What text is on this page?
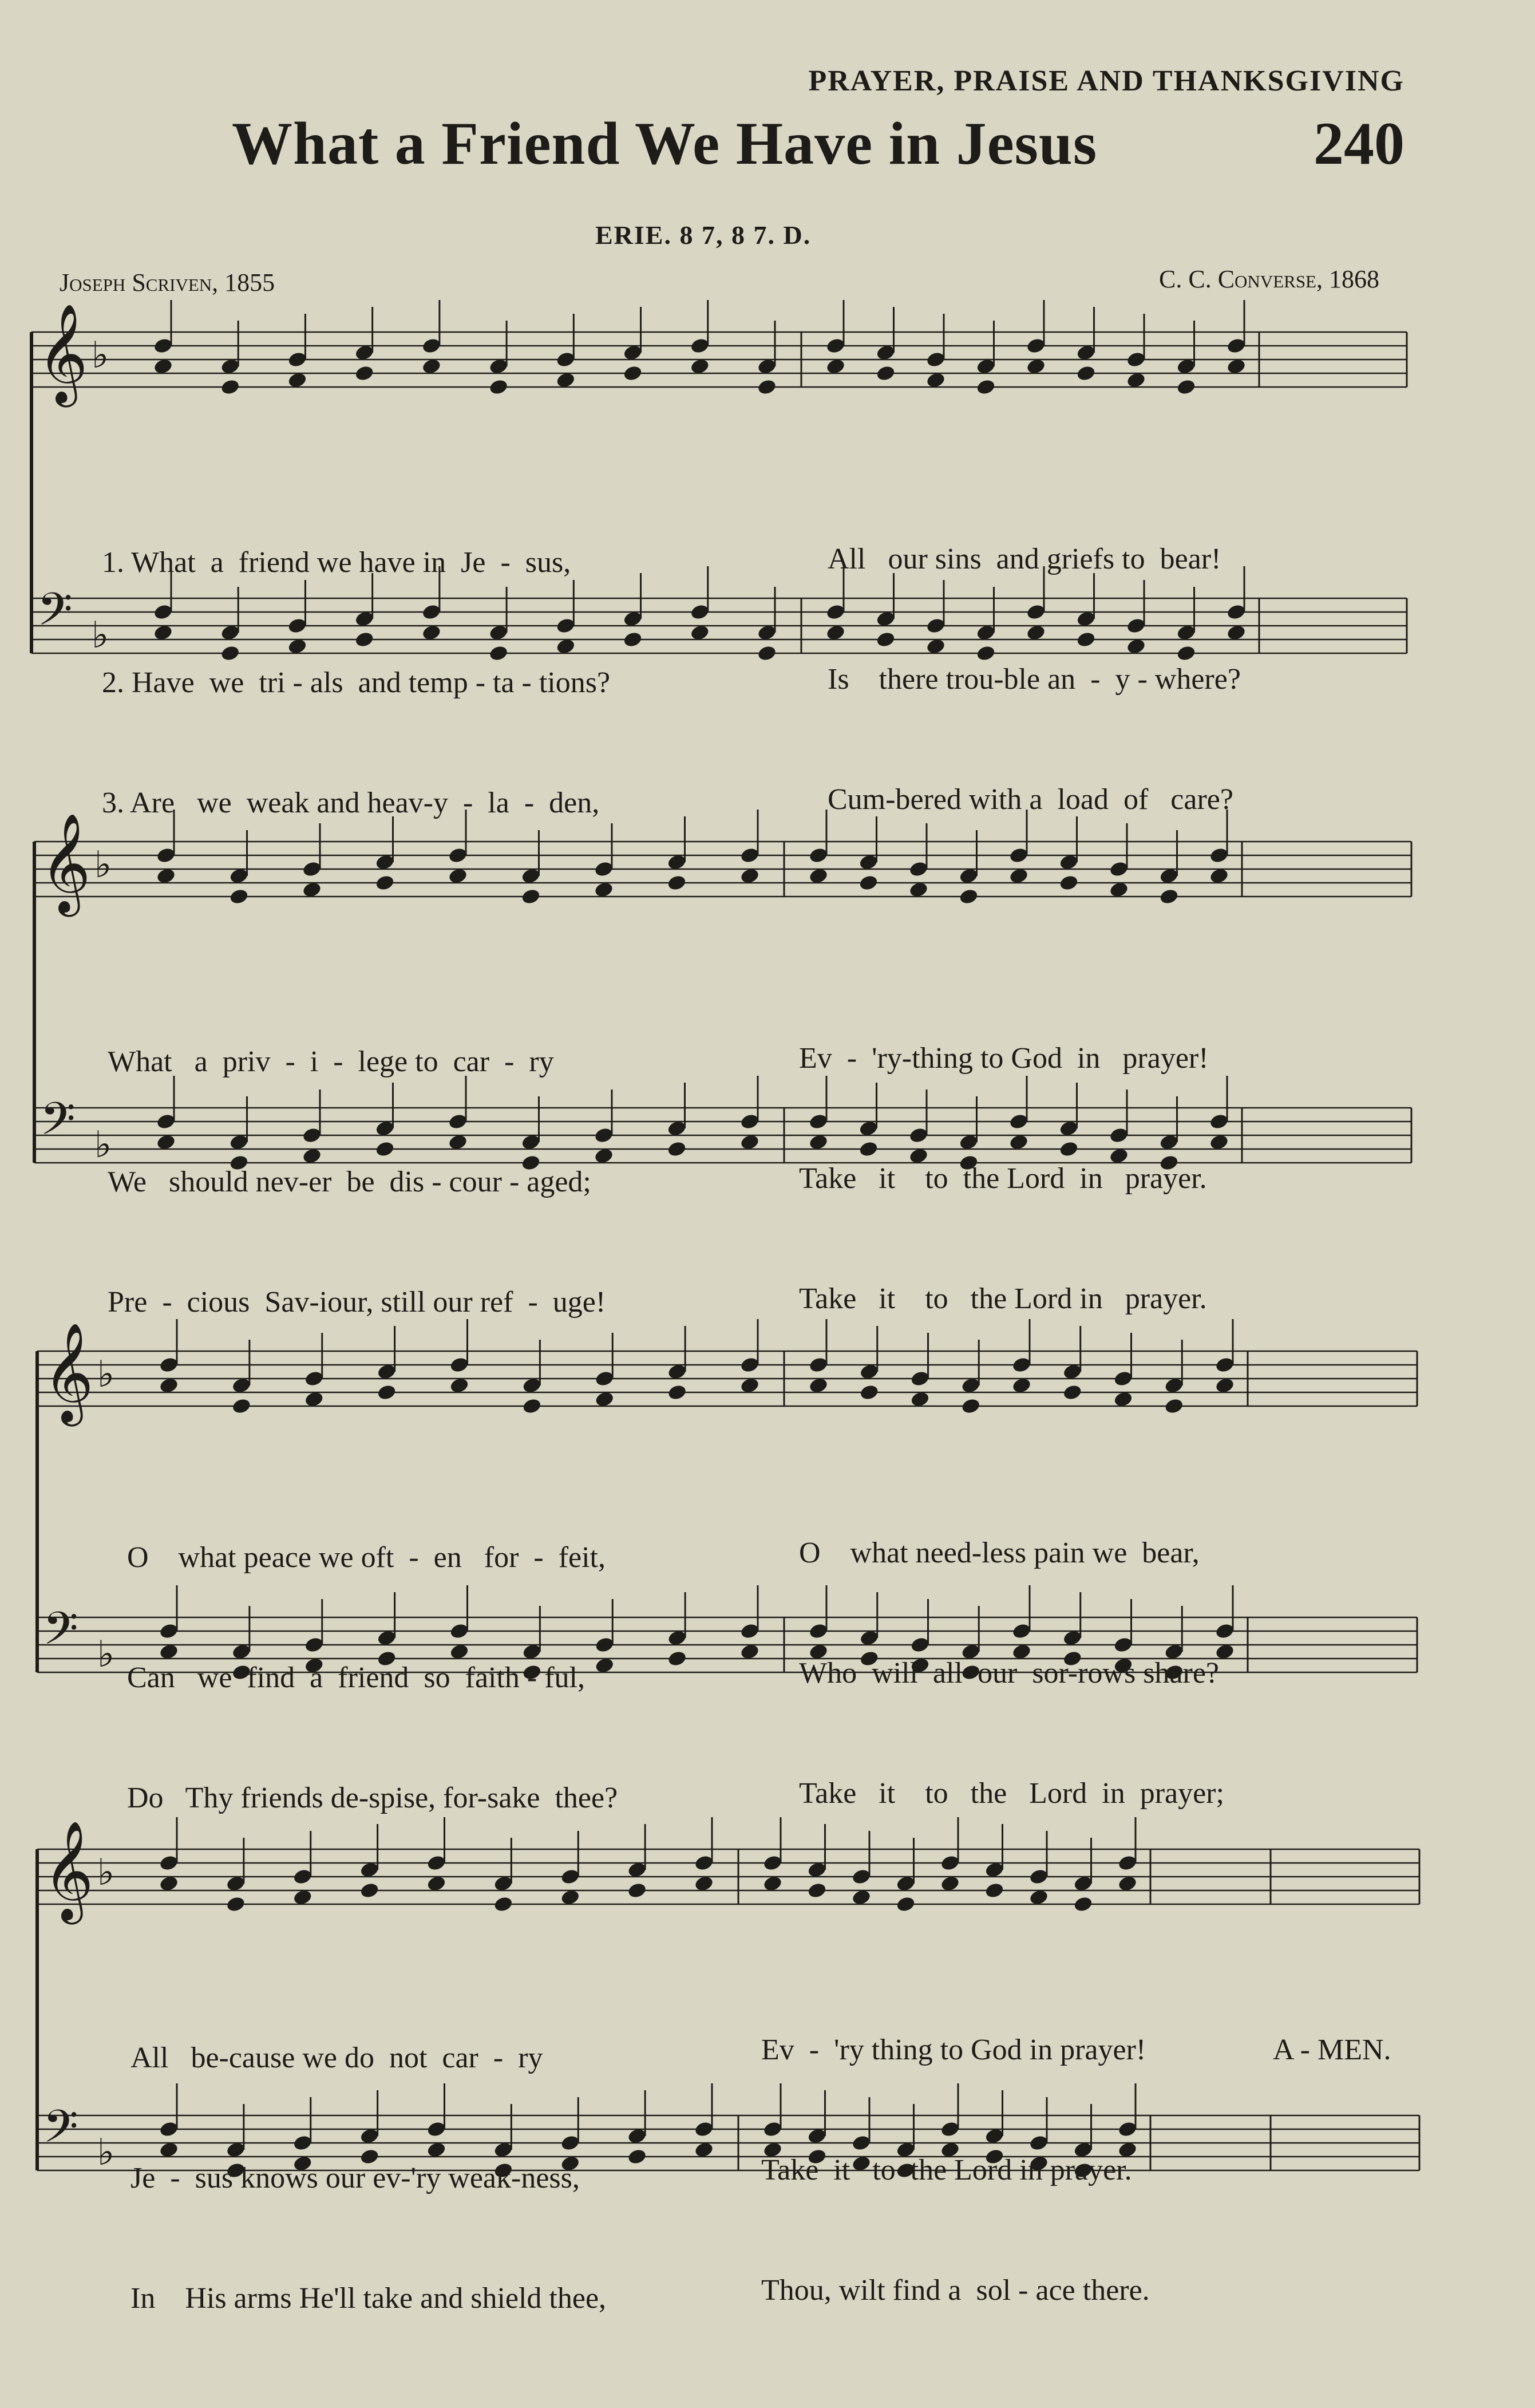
PRAYER, PRAISE AND THANKSGIVING
What a Friend We Have in Jesus	240
ERIE. 8 7, 8 7. D.
Joseph Scriven, 1855	C. C. Converse, 1868
𝄞 ♭
𝄢 ♭

1. What  a  friend we have in  Je  -  sus,

2. Have  we  tri - als  and temp - ta - tions?

3. Are   we  weak and heav-y  -  la  -  den,

All   our sins  and griefs to  bear!

Is    there trou-ble an  -  y - where?

Cum-bered with a  load  of   care?

𝄞 ♭
𝄢 ♭

What   a  priv  -  i  -  lege to  car  -  ry

We   should nev-er  be  dis - cour - aged;

Pre  -  cious  Sav-iour, still our ref  -  uge!

Ev  -  'ry-thing to God  in   prayer!

Take   it    to  the Lord  in   prayer.

Take   it    to   the Lord in   prayer.

𝄞 ♭
𝄢 ♭

O    what peace we oft  -  en   for  -  feit,

Can   we  find  a  friend  so  faith - ful,

Do   Thy friends de-spise, for-sake  thee?

O    what need-less pain we  bear,

Who  will  all  our  sor-rows share?

Take   it    to   the   Lord  in  prayer;

𝄞 ♭
𝄢 ♭

All   be-cause we do  not  car  -  ry

Je  -  sus knows our ev-'ry weak-ness,

In    His arms He'll take and shield thee,

Ev  -  'ry thing to God in prayer!

Take  it   to  the Lord in prayer.

Thou, wilt find a  sol - ace there.

A - MEN.
